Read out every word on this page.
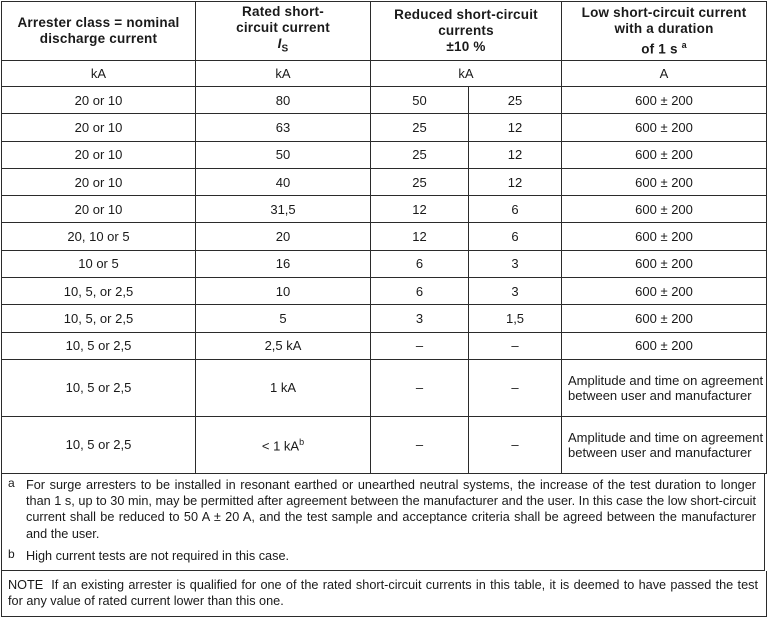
Arrester class = nominal discharge current	
Rated short-
circuit current
$I_S$

Reduced short-circuit
currents
±10 %

Low short-circuit current
with a duration
of 1 s $^a$

kA	kA	kA		A
20 or 10	80	50	25	600 ± 200
20 or 10	63	25	12	600 ± 200
20 or 10	50	25	12	600 ± 200
20 or 10	40	25	12	600 ± 200
20 or 10	31,5	12	6	600 ± 200
20, 10 or 5	20	12	6	600 ± 200
10 or 5	16	6	3	600 ± 200
10, 5, or 2,5	10	6	3	600 ± 200
10, 5, or 2,5	5	3	1,5	600 ± 200
10, 5 or 2,5	2,5 kA	–	–	600 ± 200
10, 5 or 2,5	1 kA	–	–	Amplitude and time on agreement between user and manufacturer
10, 5 or 2,5	< 1 $kA^b$	–	–	Amplitude and time on agreement between user and manufacturer
a For surge arresters to be installed in resonant earthed or unearthed neutral systems, the increase of the test duration to longer than 1 s, up to 30 min, may be permitted after agreement between the manufacturer and the user. In this case the low short-circuit current shall be reduced to 50 A ± 20 A, and the test sample and acceptance criteria shall be agreed between the manufacturer and the user.
b High current tests are not required in this case.
NOTE If an existing arrester is qualified for one of the rated short-circuit currents in this table, it is deemed to have passed the test for any value of rated current lower than this one.
